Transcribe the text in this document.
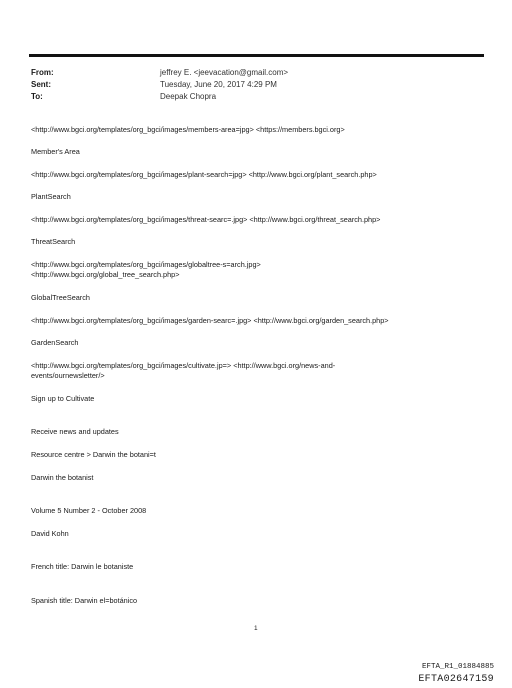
From:	jeffrey E. <jeevacation@gmail.com>
Sent:	Tuesday, June 20, 2017 4:29 PM
To:	Deepak Chopra
<http://www.bgci.org/templates/org_bgci/images/members-area=jpg> <https://members.bgci.org>
Member's Area
<http://www.bgci.org/templates/org_bgci/images/plant-search=jpg> <http://www.bgci.org/plant_search.php>
PlantSearch
<http://www.bgci.org/templates/org_bgci/images/threat-searc=.jpg> <http://www.bgci.org/threat_search.php>
ThreatSearch
<http://www.bgci.org/templates/org_bgci/images/globaltree-s=arch.jpg>
<http://www.bgci.org/global_tree_search.php>
GlobalTreeSearch
<http://www.bgci.org/templates/org_bgci/images/garden-searc=.jpg> <http://www.bgci.org/garden_search.php>
GardenSearch
<http://www.bgci.org/templates/org_bgci/images/cultivate.jp=> <http://www.bgci.org/news-and-
events/ournewsletter/>
Sign up to Cultivate
Receive news and updates
Resource centre > Darwin the botani=t
Darwin the botanist
Volume 5 Number 2 - October 2008
David Kohn
French title: Darwin le botaniste
Spanish title: Darwin el=botánico
1
EFTA_R1_01884885
EFTA02647159
